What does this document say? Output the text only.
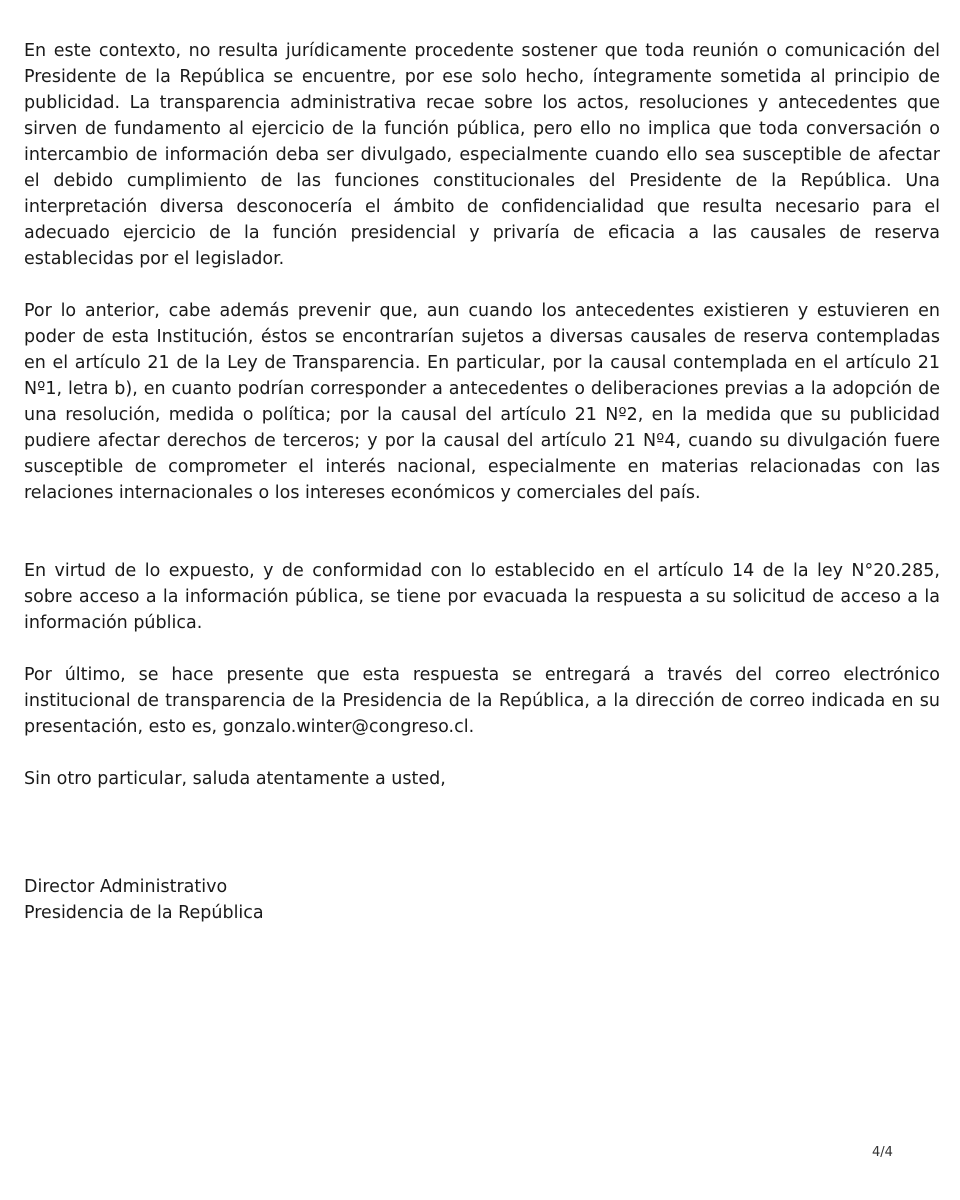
En este contexto, no resulta jurídicamente procedente sostener que toda reunión o comunicación del Presidente de la República se encuentre, por ese solo hecho, íntegramente sometida al principio de publicidad. La transparencia administrativa recae sobre los actos, resoluciones y antecedentes que sirven de fundamento al ejercicio de la función pública, pero ello no implica que toda conversación o intercambio de información deba ser divulgado, especialmente cuando ello sea susceptible de afectar el debido cumplimiento de las funciones constitucionales del Presidente de la República. Una interpretación diversa desconocería el ámbito de confidencialidad que resulta necesario para el adecuado ejercicio de la función presidencial y privaría de eficacia a las causales de reserva establecidas por el legislador.

Por lo anterior, cabe además prevenir que, aun cuando los antecedentes existieren y estuvieren en poder de esta Institución, éstos se encontrarían sujetos a diversas causales de reserva contempladas en el artículo 21 de la Ley de Transparencia. En particular, por la causal contemplada en el artículo 21 Nº1, letra b), en cuanto podrían corresponder a antecedentes o deliberaciones previas a la adopción de una resolución, medida o política; por la causal del artículo 21 Nº2, en la medida que su publicidad pudiere afectar derechos de terceros; y por la causal del artículo 21 Nº4, cuando su divulgación fuere susceptible de comprometer el interés nacional, especialmente en materias relacionadas con las relaciones internacionales o los intereses económicos y comerciales del país.

En virtud de lo expuesto, y de conformidad con lo establecido en el artículo 14 de la ley N°20.285, sobre acceso a la información pública, se tiene por evacuada la respuesta a su solicitud de acceso a la información pública.

Por último, se hace presente que esta respuesta se entregará a través del correo electrónico institucional de transparencia de la Presidencia de la República, a la dirección de correo indicada en su presentación, esto es, gonzalo.winter@congreso.cl.

Sin otro particular, saluda atentamente a usted,

Director Administrativo

Presidencia de la República

4/4
